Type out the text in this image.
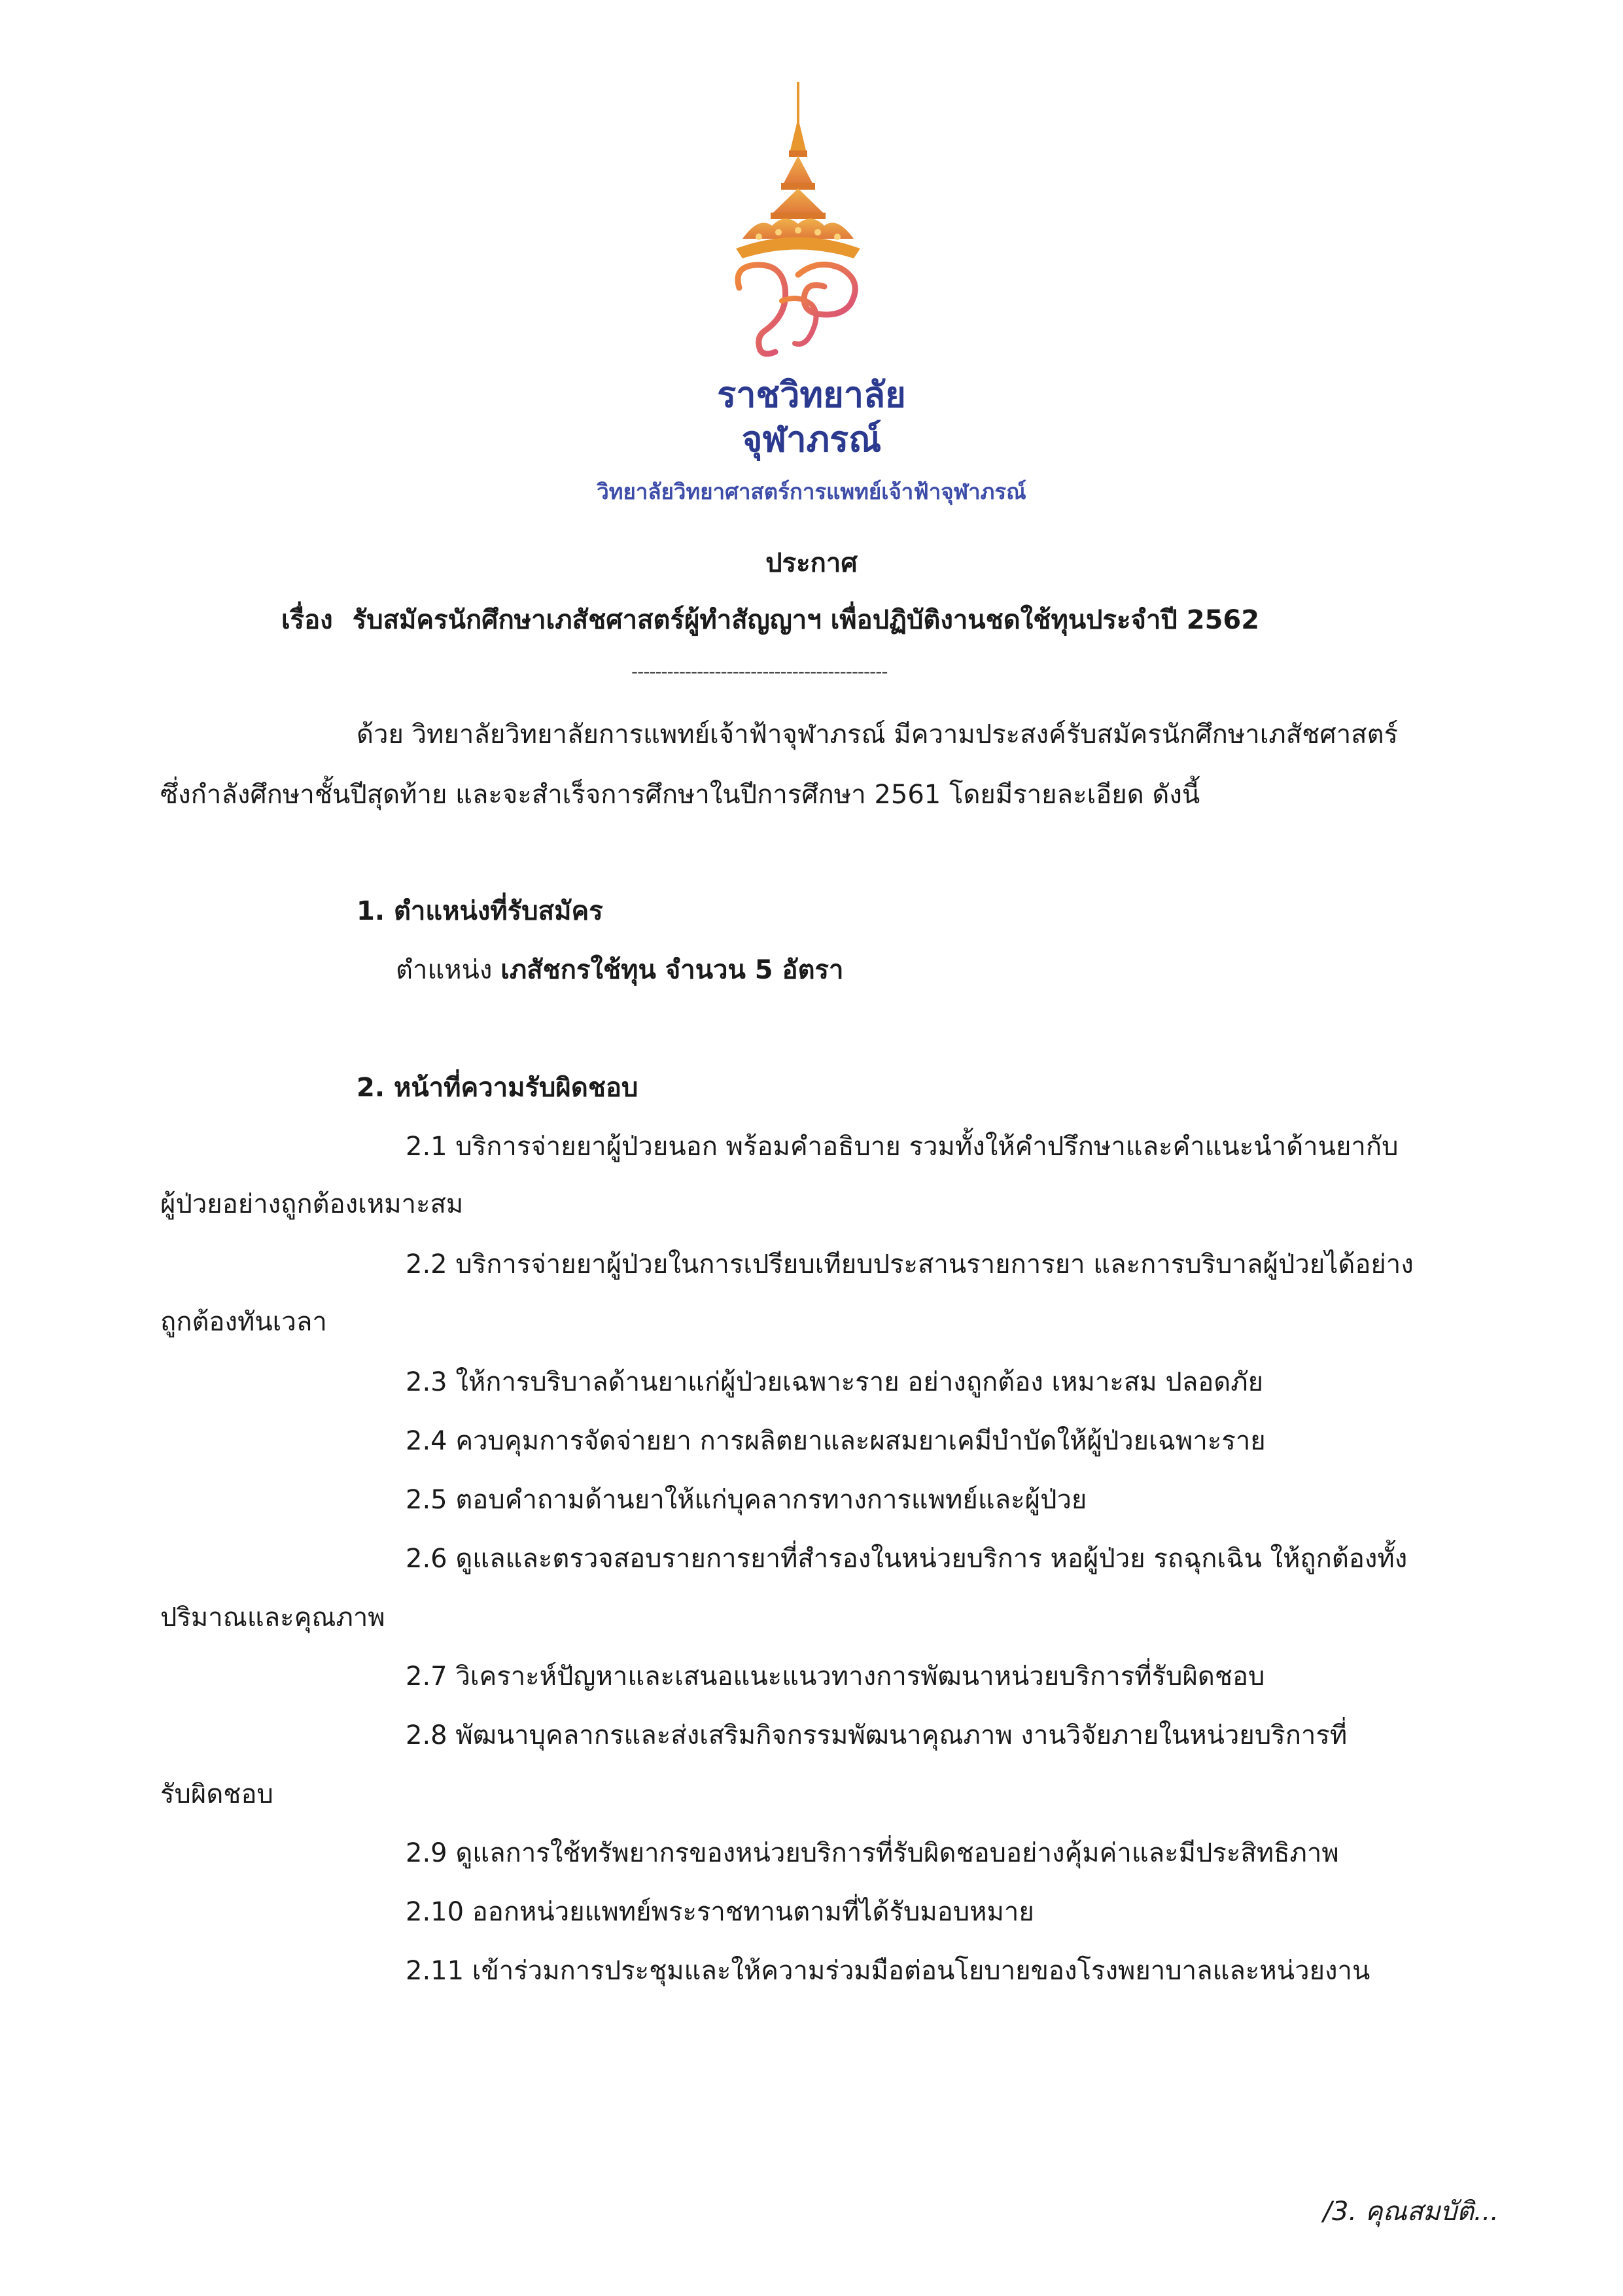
ราชวิทยาลัย
จุฬาภรณ์
วิทยาลัยวิทยาศาสตร์การแพทย์เจ้าฟ้าจุฬาภรณ์
ประกาศ
เรื่อง รับสมัครนักศึกษาเภสัชศาสตร์ผู้ทำสัญญาฯ เพื่อปฏิบัติงานชดใช้ทุนประจำปี 2562
-------------------------------------------
ด้วย วิทยาลัยวิทยาลัยการแพทย์เจ้าฟ้าจุฬาภรณ์ มีความประสงค์รับสมัครนักศึกษาเภสัชศาสตร์
ซึ่งกำลังศึกษาชั้นปีสุดท้าย และจะสำเร็จการศึกษาในปีการศึกษา 2561 โดยมีรายละเอียด ดังนี้
1. ตำแหน่งที่รับสมัคร
ตำแหน่ง เภสัชกรใช้ทุน จำนวน 5 อัตรา
2. หน้าที่ความรับผิดชอบ
2.1 บริการจ่ายยาผู้ป่วยนอก พร้อมคำอธิบาย รวมทั้งให้คำปรึกษาและคำแนะนำด้านยากับ
ผู้ป่วยอย่างถูกต้องเหมาะสม
2.2 บริการจ่ายยาผู้ป่วยในการเปรียบเทียบประสานรายการยา และการบริบาลผู้ป่วยได้อย่าง
ถูกต้องทันเวลา
2.3 ให้การบริบาลด้านยาแก่ผู้ป่วยเฉพาะราย อย่างถูกต้อง เหมาะสม ปลอดภัย
2.4 ควบคุมการจัดจ่ายยา การผลิตยาและผสมยาเคมีบำบัดให้ผู้ป่วยเฉพาะราย
2.5 ตอบคำถามด้านยาให้แก่บุคลากรทางการแพทย์และผู้ป่วย
2.6 ดูแลและตรวจสอบรายการยาที่สำรองในหน่วยบริการ หอผู้ป่วย รถฉุกเฉิน ให้ถูกต้องทั้ง
ปริมาณและคุณภาพ
2.7 วิเคราะห์ปัญหาและเสนอแนะแนวทางการพัฒนาหน่วยบริการที่รับผิดชอบ
2.8 พัฒนาบุคลากรและส่งเสริมกิจกรรมพัฒนาคุณภาพ งานวิจัยภายในหน่วยบริการที่
รับผิดชอบ
2.9 ดูแลการใช้ทรัพยากรของหน่วยบริการที่รับผิดชอบอย่างคุ้มค่าและมีประสิทธิภาพ
2.10 ออกหน่วยแพทย์พระราชทานตามที่ได้รับมอบหมาย
2.11 เข้าร่วมการประชุมและให้ความร่วมมือต่อนโยบายของโรงพยาบาลและหน่วยงาน
/3. คุณสมบัติ...
